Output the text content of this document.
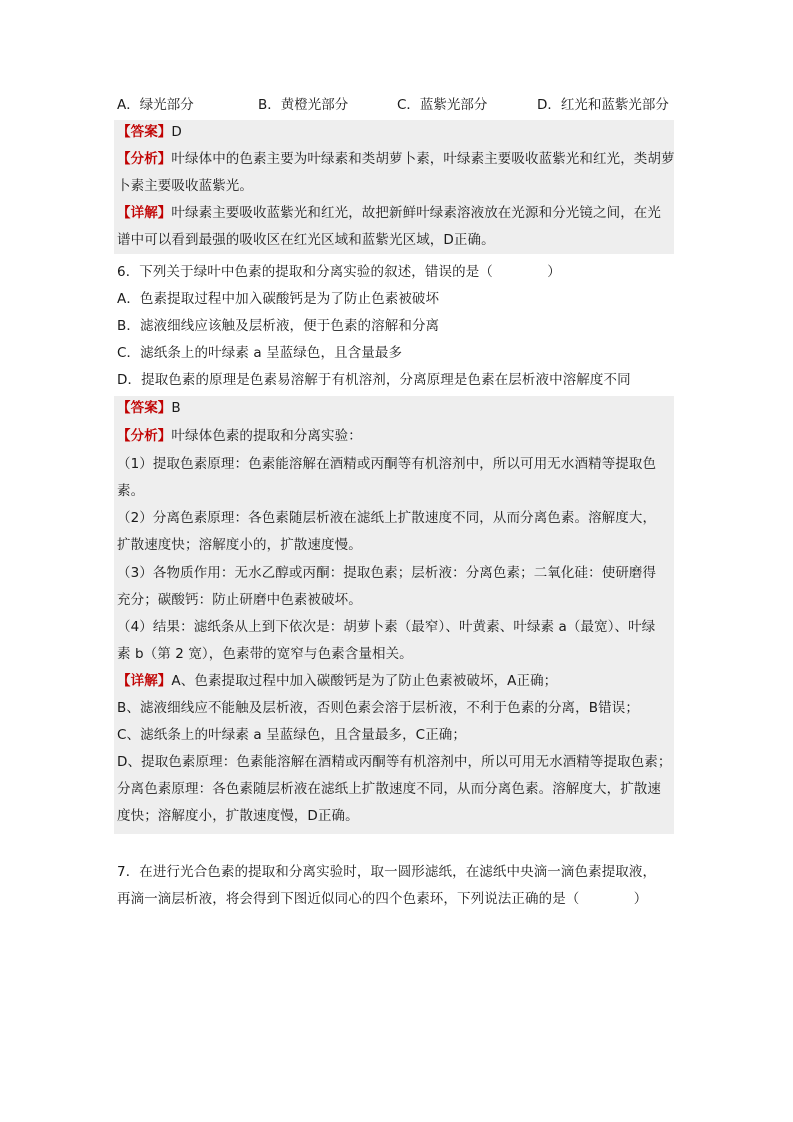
A．绿光部分	B．黄橙光部分	C．蓝紫光部分	D．红光和蓝紫光部分
【答案】D
【分析】叶绿体中的色素主要为叶绿素和类胡萝卜素，叶绿素主要吸收蓝紫光和红光，类胡萝
卜素主要吸收蓝紫光。
【详解】叶绿素主要吸收蓝紫光和红光，故把新鲜叶绿素溶液放在光源和分光镜之间，在光
谱中可以看到最强的吸收区在红光区域和蓝紫光区域，D正确。
6．下列关于绿叶中色素的提取和分离实验的叙述，错误的是（　　　　）
A．色素提取过程中加入碳酸钙是为了防止色素被破坏
B．滤液细线应该触及层析液，便于色素的溶解和分离
C．滤纸条上的叶绿素 a 呈蓝绿色，且含量最多
D．提取色素的原理是色素易溶解于有机溶剂，分离原理是色素在层析液中溶解度不同
【答案】B
【分析】叶绿体色素的提取和分离实验：
（1）提取色素原理：色素能溶解在酒精或丙酮等有机溶剂中，所以可用无水酒精等提取色
素。
（2）分离色素原理：各色素随层析液在滤纸上扩散速度不同，从而分离色素。溶解度大，
扩散速度快；溶解度小的，扩散速度慢。
（3）各物质作用：无水乙醇或丙酮：提取色素；层析液：分离色素；二氧化硅：使研磨得
充分；碳酸钙：防止研磨中色素被破坏。
（4）结果：滤纸条从上到下依次是：胡萝卜素（最窄）、叶黄素、叶绿素 a（最宽）、叶绿
素 b（第 2 宽），色素带的宽窄与色素含量相关。
【详解】A、色素提取过程中加入碳酸钙是为了防止色素被破坏，A正确；
B、滤液细线应不能触及层析液，否则色素会溶于层析液，不利于色素的分离，B错误；
C、滤纸条上的叶绿素 a 呈蓝绿色，且含量最多，C正确；
D、提取色素原理：色素能溶解在酒精或丙酮等有机溶剂中，所以可用无水酒精等提取色素；
分离色素原理：各色素随层析液在滤纸上扩散速度不同，从而分离色素。溶解度大，扩散速
度快；溶解度小，扩散速度慢，D正确。
7．在进行光合色素的提取和分离实验时，取一圆形滤纸，在滤纸中央滴一滴色素提取液，
再滴一滴层析液，将会得到下图近似同心的四个色素环，下列说法正确的是（　　　　）
